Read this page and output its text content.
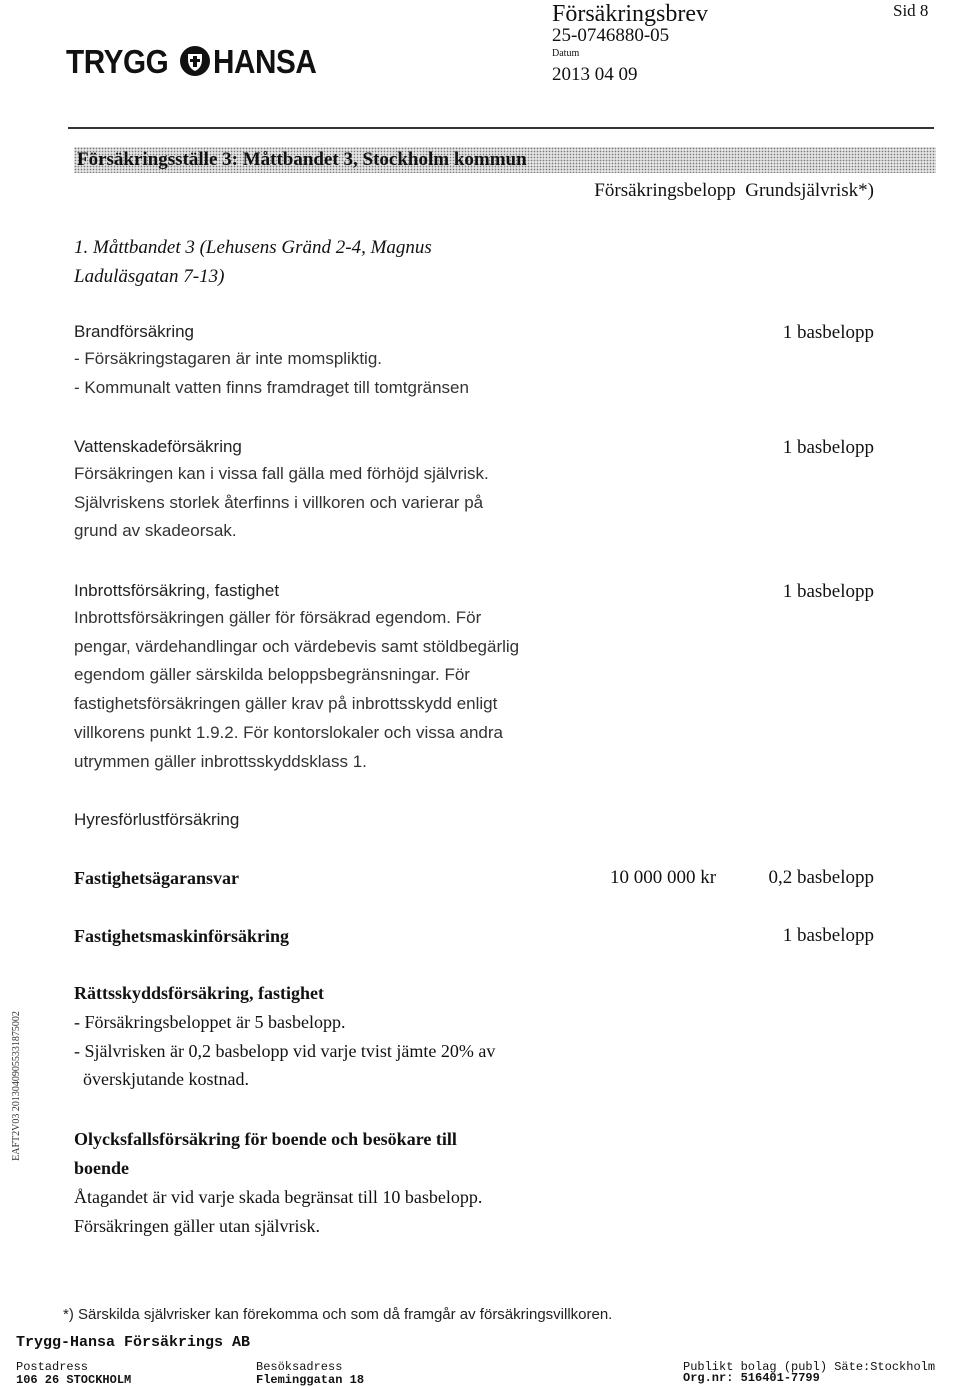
TRYGG HANSA
Försäkringsbrev
25-0746880-05
Datum
2013 04 09
Sid 8
Försäkringsställe 3: Måttbandet 3, Stockholm kommun
Försäkringsbelopp  Grundsjälvrisk*)
1. Måttbandet 3 (Lehusens Gränd 2-4, Magnus
Laduläsgatan 7-13)
Brandförsäkring
- Försäkringstagaren är inte momspliktig.
- Kommunalt vatten finns framdraget till tomtgränsen
1 basbelopp
Vattenskadeförsäkring
Försäkringen kan i vissa fall gälla med förhöjd självrisk.
Självriskens storlek återfinns i villkoren och varierar på
grund av skadeorsak.
1 basbelopp
Inbrottsförsäkring, fastighet
Inbrottsförsäkringen gäller för försäkrad egendom. För
pengar, värdehandlingar och värdebevis samt stöldbegärlig
egendom gäller särskilda beloppsbegränsningar. För
fastighetsförsäkringen gäller krav på inbrottsskydd enligt
villkorens punkt 1.9.2. För kontorslokaler och vissa andra
utrymmen gäller inbrottsskyddsklass 1.
1 basbelopp
Hyresförlustförsäkring
Fastighetsägaransvar	10 000 000 kr	0,2 basbelopp
Fastighetsmaskinförsäkring	1 basbelopp
Rättsskyddsförsäkring, fastighet
- Försäkringsbeloppet är 5 basbelopp.
- Självrisken är 0,2 basbelopp vid varje tvist jämte 20% av
överskjutande kostnad.
Olycksfallsförsäkring för boende och besökare till
boende
Åtagandet är vid varje skada begränsat till 10 basbelopp.
Försäkringen gäller utan självrisk.
EAFT2V03 20130409055331875002
*) Särskilda självrisker kan förekomma och som då framgår av försäkringsvillkoren.
Trygg-Hansa Försäkrings AB
Postadress
106 26 STOCKHOLM
Besöksadress
Fleminggatan 18
Publikt bolag (publ) Säte:Stockholm
Org.nr: 516401-7799
